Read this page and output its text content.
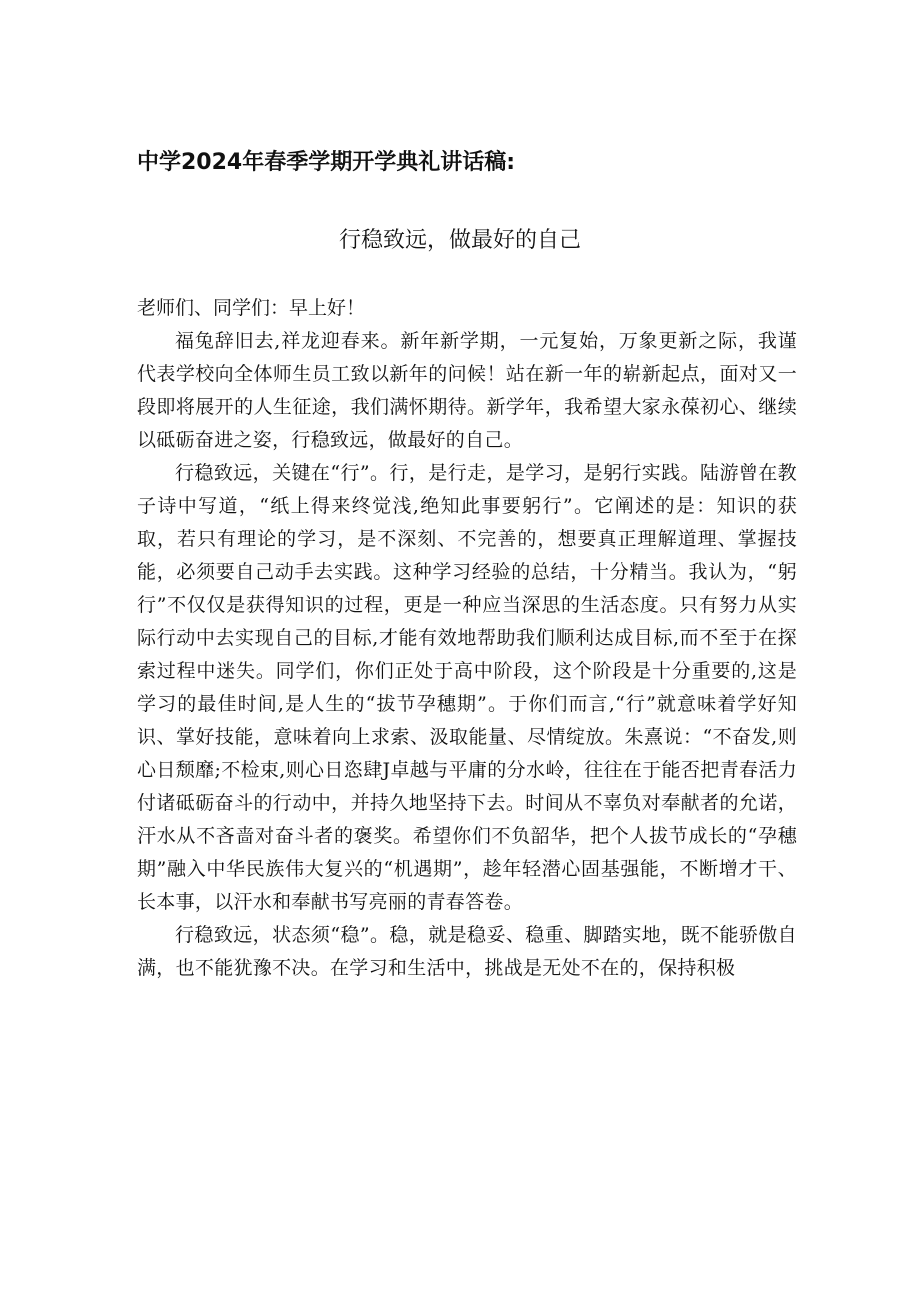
中学2024年春季学期开学典礼讲话稿:
行稳致远，做最好的自己
老师们、同学们：早上好！

福兔辞旧去,祥龙迎春来。新年新学期，一元复始，万象更新之际，我谨代表学校向全体师生员工致以新年的问候！站在新一年的崭新起点，面对又一段即将展开的人生征途，我们满怀期待。新学年，我希望大家永葆初心、继续以砥砺奋进之姿，行稳致远，做最好的自己。

行稳致远，关键在“行”。行，是行走，是学习，是躬行实践。陆游曾在教子诗中写道，“纸上得来终觉浅,绝知此事要躬行”。它阐述的是：知识的获取，若只有理论的学习，是不深刻、不完善的，想要真正理解道理、掌握技能，必须要自己动手去实践。这种学习经验的总结，十分精当。我认为，“躬行”不仅仅是获得知识的过程，更是一种应当深思的生活态度。只有努力从实际行动中去实现自己的目标,才能有效地帮助我们顺利达成目标,而不至于在探索过程中迷失。同学们，你们正处于高中阶段，这个阶段是十分重要的,这是学习的最佳时间,是人生的“拔节孕穗期”。于你们而言,“行”就意味着学好知识、掌好技能，意味着向上求索、汲取能量、尽情绽放。朱熹说：“不奋发,则心日颓靡;不检束,则心日恣肆J卓越与平庸的分水岭，往往在于能否把青春活力付诸砥砺奋斗的行动中，并持久地坚持下去。时间从不辜负对奉献者的允诺，汗水从不吝啬对奋斗者的褒奖。希望你们不负韶华，把个人拔节成长的“孕穗期”融入中华民族伟大复兴的“机遇期”，趁年轻潜心固基强能，不断增才干、长本事，以汗水和奉献书写亮丽的青春答卷。

行稳致远，状态须“稳”。稳，就是稳妥、稳重、脚踏实地，既不能骄傲自满，也不能犹豫不决。在学习和生活中，挑战是无处不在的，保持积极
